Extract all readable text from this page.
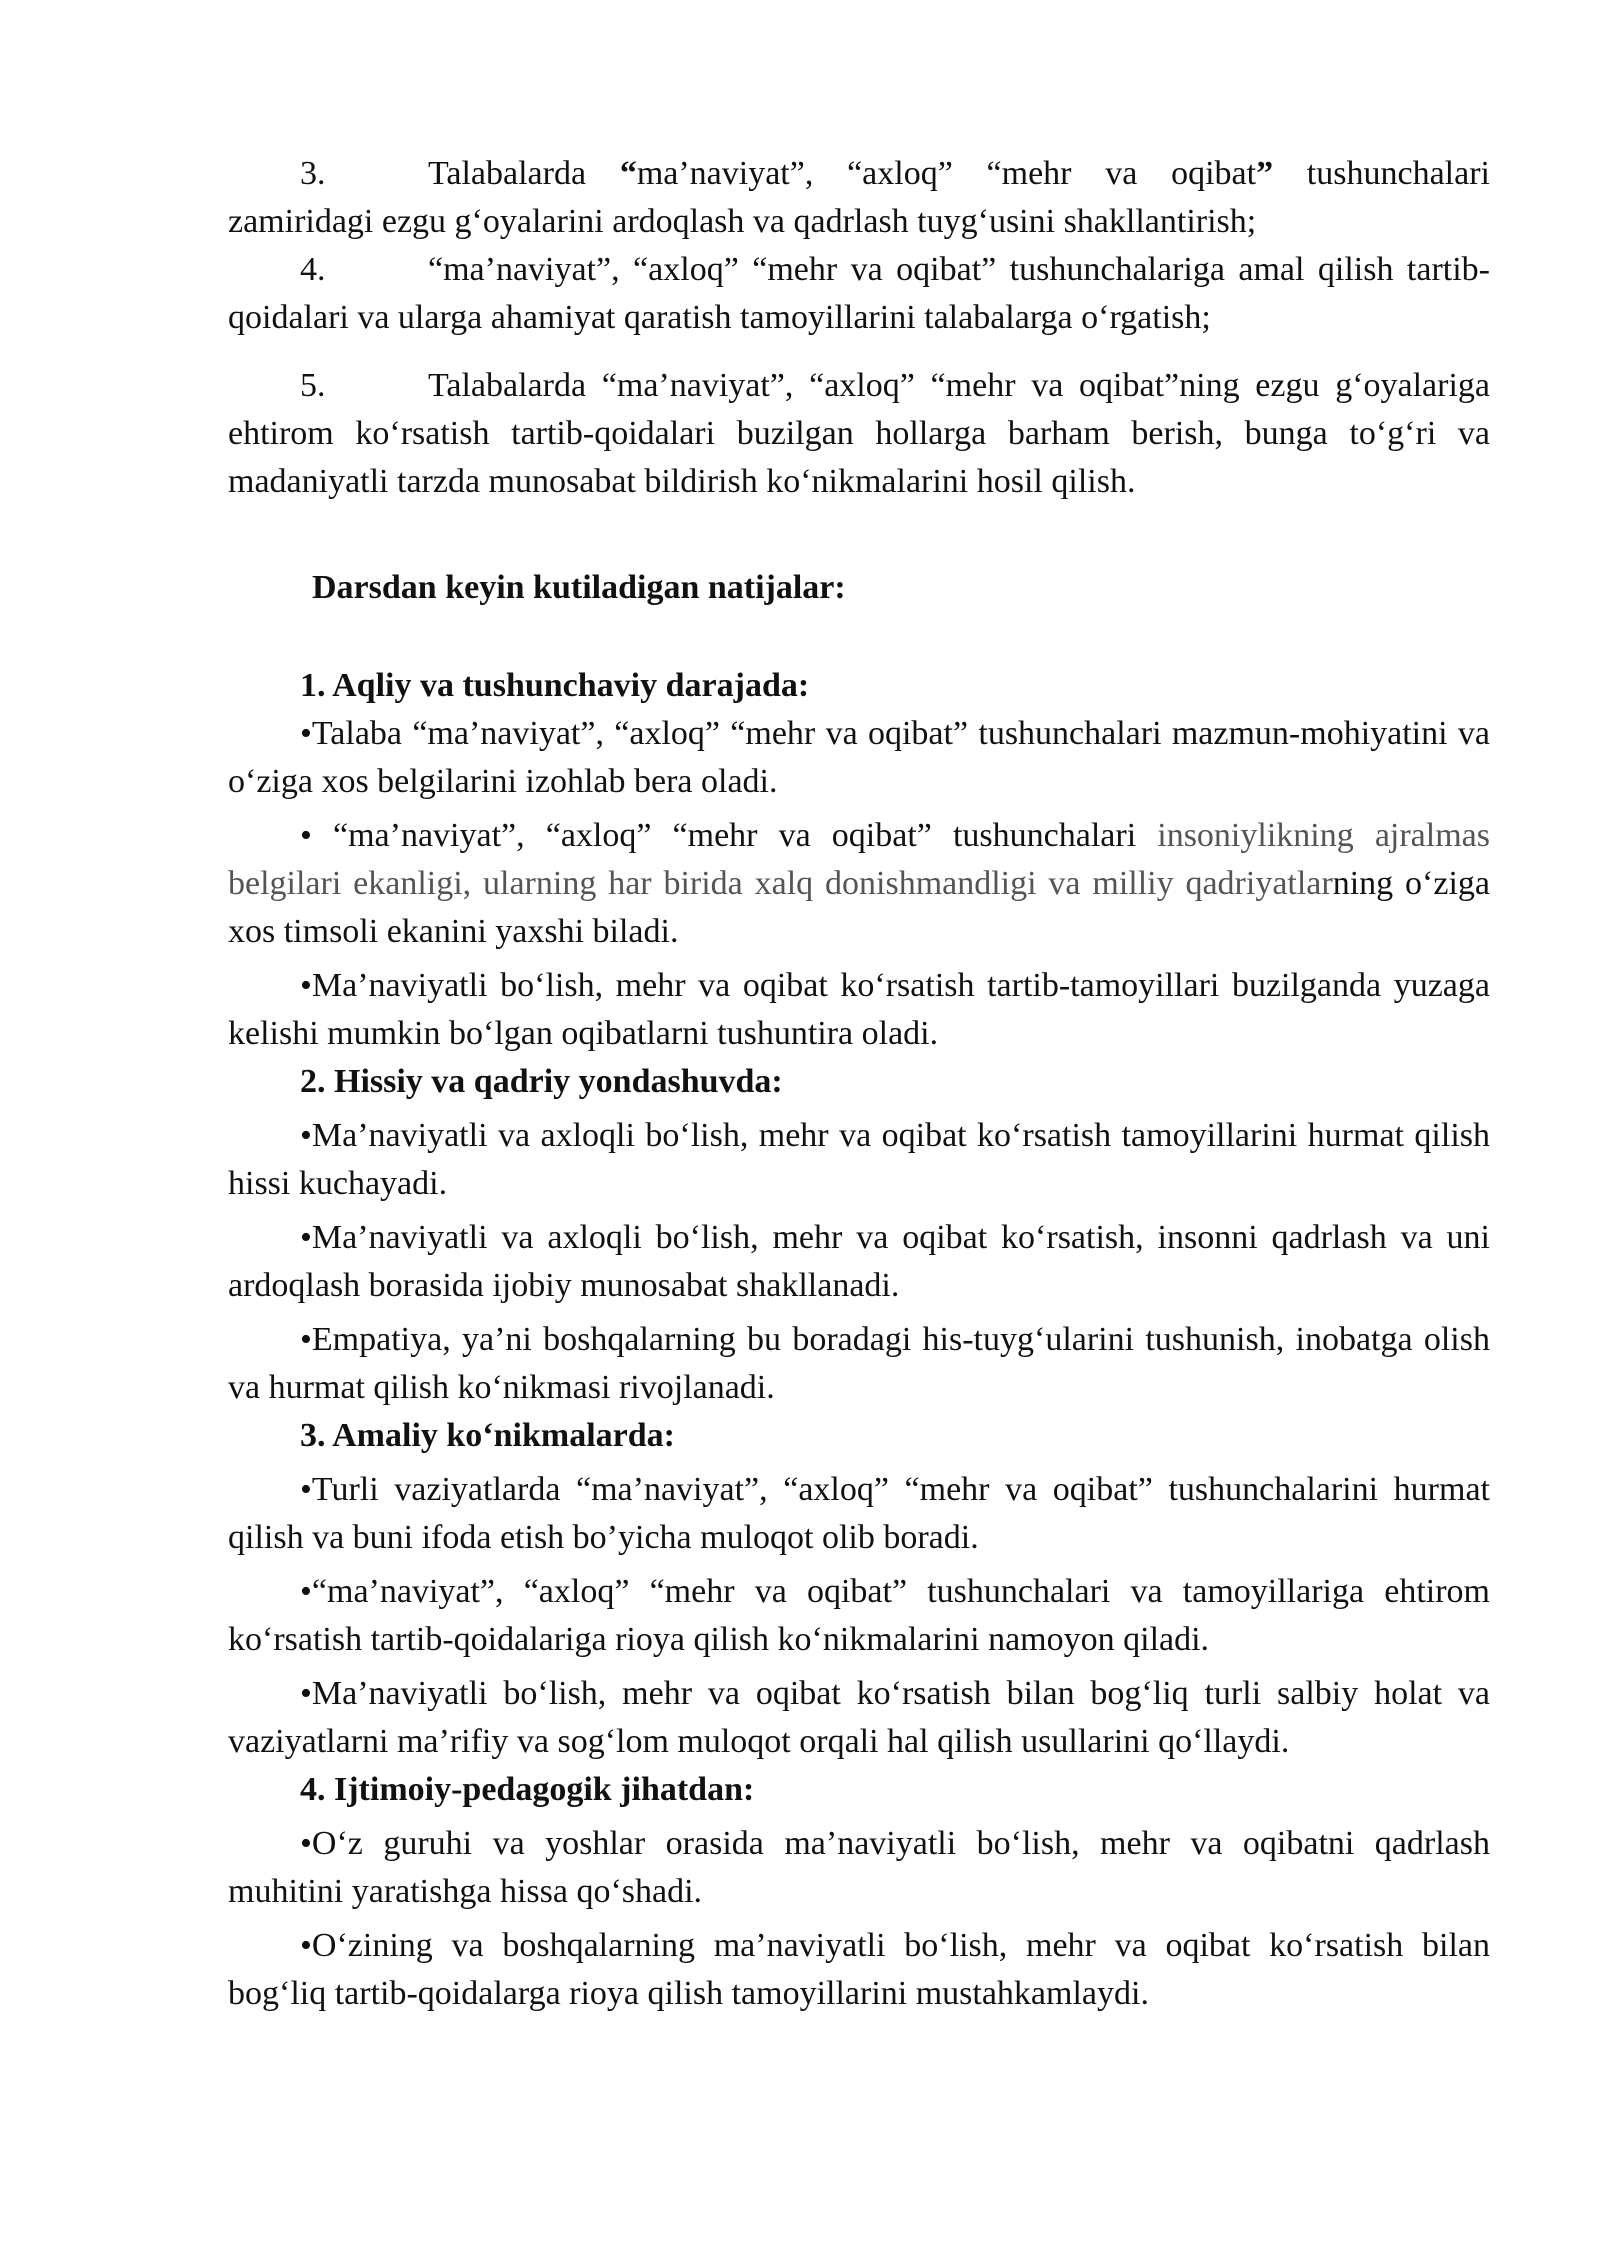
3.	Talabalarda “ma’naviyat”, “axloq” “mehr va oqibat” tushunchalari zamiridagi ezgu g‘oyalarini ardoqlash va qadrlash tuyg‘usini shakllantirish;

4.	“ma’naviyat”, “axloq” “mehr va oqibat” tushunchalariga amal qilish tartib-qoidalari va ularga ahamiyat qaratish tamoyillarini talabalarga o‘rgatish;

5.	Talabalarda “ma’naviyat”, “axloq” “mehr va oqibat”ning ezgu g‘oyalariga ehtirom ko‘rsatish tartib-qoidalari buzilgan hollarga barham berish, bunga to‘g‘ri va madaniyatli tarzda munosabat bildirish ko‘nikmalarini hosil qilish.

Darsdan keyin kutiladigan natijalar:

1. Aqliy va tushunchaviy darajada:

•Talaba “ma’naviyat”, “axloq” “mehr va oqibat” tushunchalari mazmun-mohiyatini va o‘ziga xos belgilarini izohlab bera oladi.

• “ma’naviyat”, “axloq” “mehr va oqibat” tushunchalari insoniylikning ajralmas belgilari ekanligi, ularning har birida xalq donishmandligi va milliy qadriyatlarning o‘ziga xos timsoli ekanini yaxshi biladi.

•Ma’naviyatli bo‘lish, mehr va oqibat ko‘rsatish tartib-tamoyillari buzilganda yuzaga kelishi mumkin bo‘lgan oqibatlarni tushuntira oladi.

2. Hissiy va qadriy yondashuvda:

•Ma’naviyatli va axloqli bo‘lish, mehr va oqibat ko‘rsatish tamoyillarini hurmat qilish hissi kuchayadi.

•Ma’naviyatli va axloqli bo‘lish, mehr va oqibat ko‘rsatish, insonni qadrlash va uni ardoqlash borasida ijobiy munosabat shakllanadi.

•Empatiya, ya’ni boshqalarning bu boradagi his-tuyg‘ularini tushunish, inobatga olish va hurmat qilish ko‘nikmasi rivojlanadi.

3. Amaliy ko‘nikmalarda:

•Turli vaziyatlarda “ma’naviyat”, “axloq” “mehr va oqibat” tushunchalarini hurmat qilish va buni ifoda etish bo’yicha muloqot olib boradi.

•“ma’naviyat”, “axloq” “mehr va oqibat” tushunchalari va tamoyillariga ehtirom ko‘rsatish tartib-qoidalariga rioya qilish ko‘nikmalarini namoyon qiladi.

•Ma’naviyatli bo‘lish, mehr va oqibat ko‘rsatish bilan bog‘liq turli salbiy holat va vaziyatlarni ma’rifiy va sog‘lom muloqot orqali hal qilish usullarini qo‘llaydi.

4. Ijtimoiy-pedagogik jihatdan:

•O‘z guruhi va yoshlar orasida ma’naviyatli bo‘lish, mehr va oqibatni qadrlash muhitini yaratishga hissa qo‘shadi.

•O‘zining va boshqalarning ma’naviyatli bo‘lish, mehr va oqibat ko‘rsatish bilan bog‘liq tartib-qoidalarga rioya qilish tamoyillarini mustahkamlaydi.
